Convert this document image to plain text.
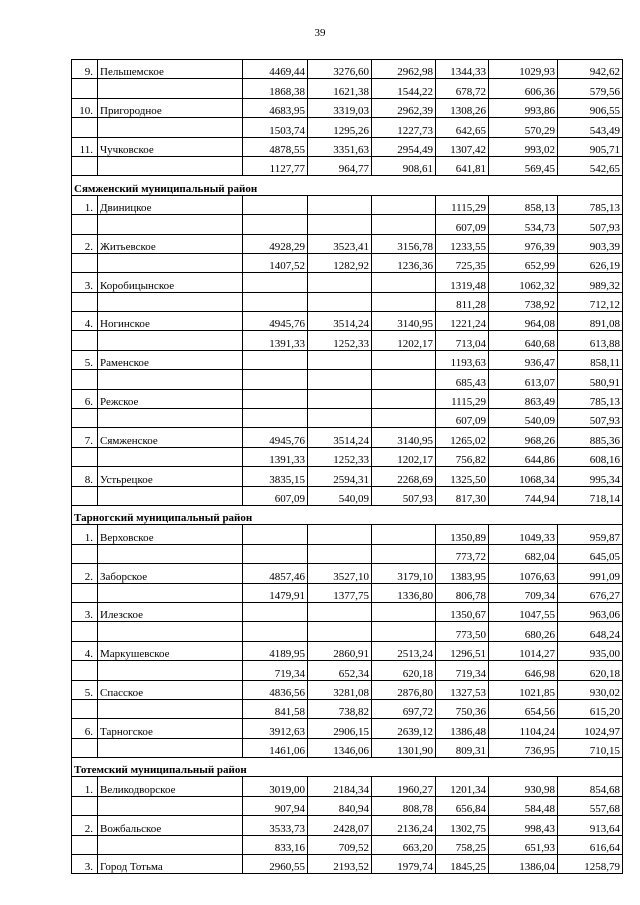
39
9.	Пельшемское	4469,44	3276,60	2962,98	1344,33	1029,93	942,62
		1868,38	1621,38	1544,22	678,72	606,36	579,56
10.	Пригородное	4683,95	3319,03	2962,39	1308,26	993,86	906,55
		1503,74	1295,26	1227,73	642,65	570,29	543,49
11.	Чучковское	4878,55	3351,63	2954,49	1307,42	993,02	905,71
		1127,77	964,77	908,61	641,81	569,45	542,65
Сямженский муниципальный район							
1.	Двиницкое				1115,29	858,13	785,13
					607,09	534,73	507,93
2.	Житьевское	4928,29	3523,41	3156,78	1233,55	976,39	903,39
		1407,52	1282,92	1236,36	725,35	652,99	626,19
3.	Коробицынское				1319,48	1062,32	989,32
					811,28	738,92	712,12
4.	Ногинское	4945,76	3514,24	3140,95	1221,24	964,08	891,08
		1391,33	1252,33	1202,17	713,04	640,68	613,88
5.	Раменское				1193,63	936,47	858,11
					685,43	613,07	580,91
6.	Режское				1115,29	863,49	785,13
					607,09	540,09	507,93
7.	Сямженское	4945,76	3514,24	3140,95	1265,02	968,26	885,36
		1391,33	1252,33	1202,17	756,82	644,86	608,16
8.	Устьрецкое	3835,15	2594,31	2268,69	1325,50	1068,34	995,34
		607,09	540,09	507,93	817,30	744,94	718,14
Тарногский муниципальный район							
1.	Верховское				1350,89	1049,33	959,87
					773,72	682,04	645,05
2.	Заборское	4857,46	3527,10	3179,10	1383,95	1076,63	991,09
		1479,91	1377,75	1336,80	806,78	709,34	676,27
3.	Илезское				1350,67	1047,55	963,06
					773,50	680,26	648,24
4.	Маркушевское	4189,95	2860,91	2513,24	1296,51	1014,27	935,00
		719,34	652,34	620,18	719,34	646,98	620,18
5.	Спасское	4836,56	3281,08	2876,80	1327,53	1021,85	930,02
		841,58	738,82	697,72	750,36	654,56	615,20
6.	Тарногское	3912,63	2906,15	2639,12	1386,48	1104,24	1024,97
		1461,06	1346,06	1301,90	809,31	736,95	710,15
Тотемский муниципальный район							
1.	Великодворское	3019,00	2184,34	1960,27	1201,34	930,98	854,68
		907,94	840,94	808,78	656,84	584,48	557,68
2.	Вожбальское	3533,73	2428,07	2136,24	1302,75	998,43	913,64
		833,16	709,52	663,20	758,25	651,93	616,64
3.	Город Тотьма	2960,55	2193,52	1979,74	1845,25	1386,04	1258,79
